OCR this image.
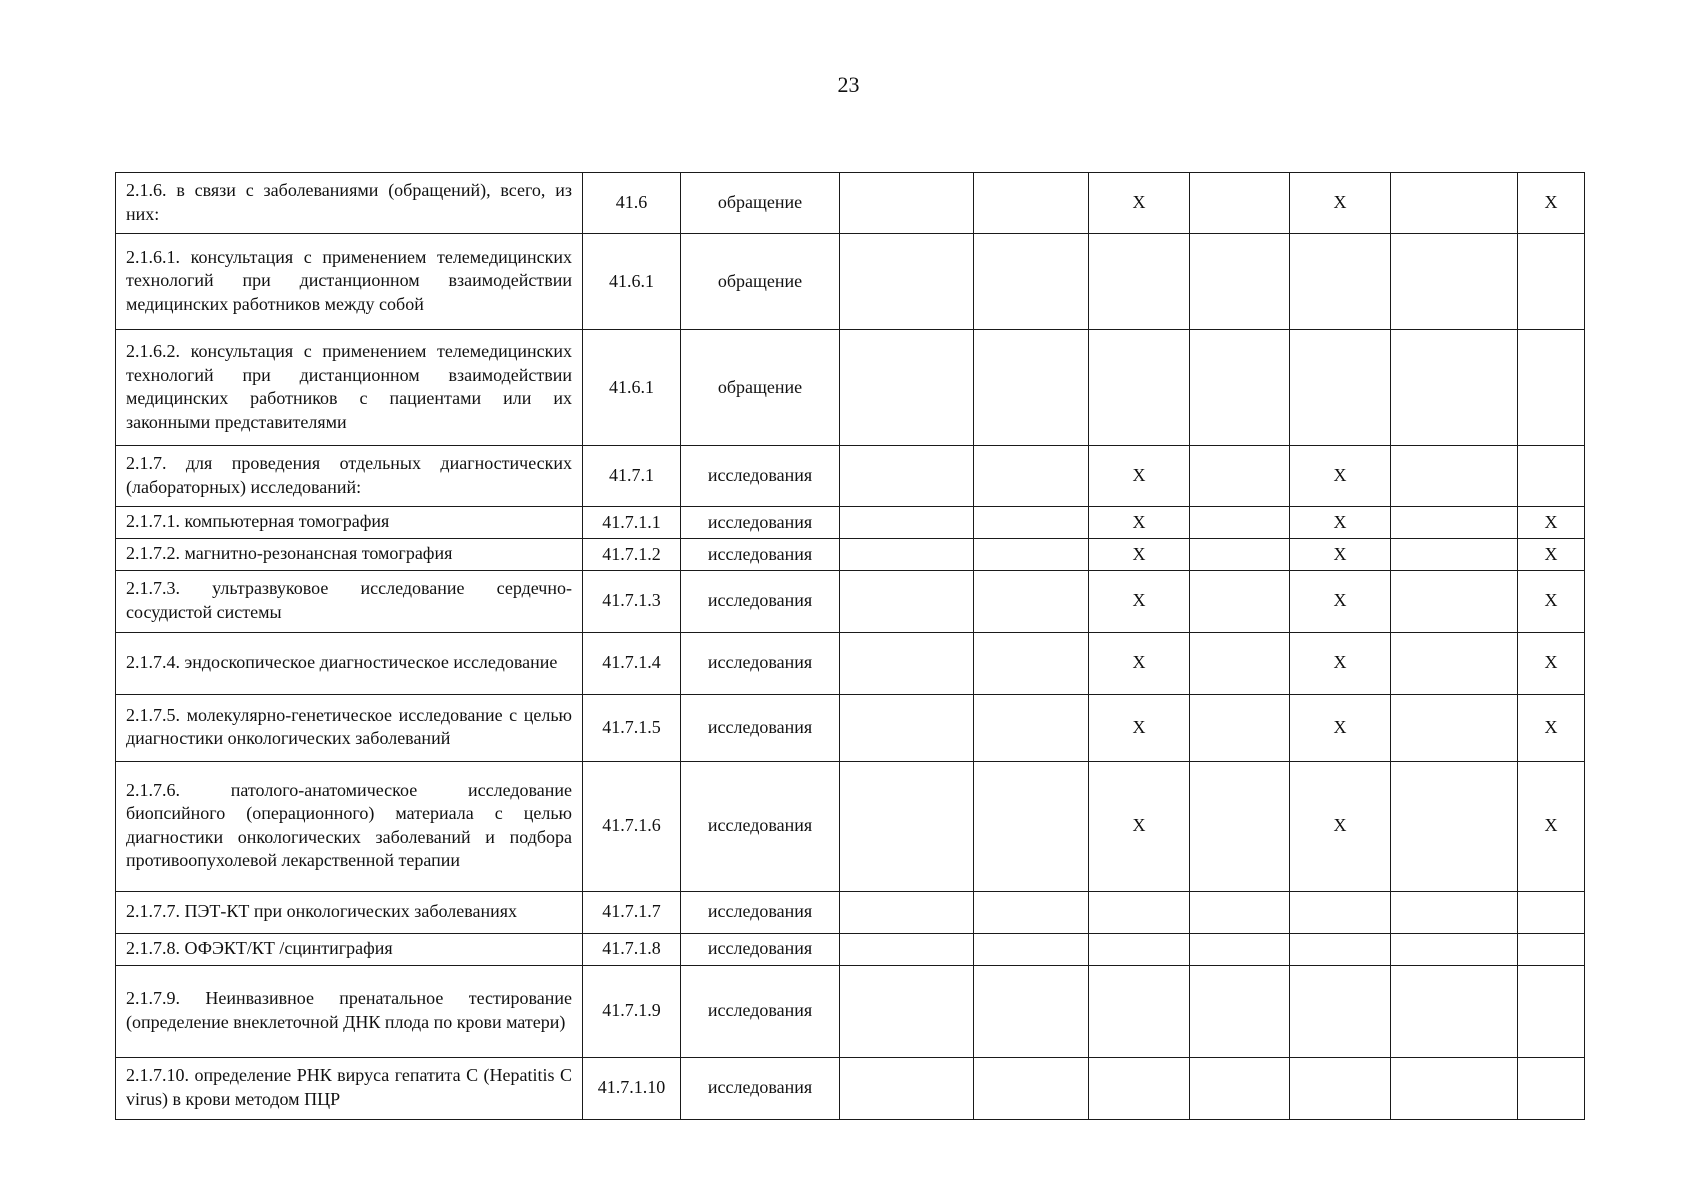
23
2.1.6. в связи с заболеваниями (обращений), всего, из них:	41.6	обращение			X		X		X
2.1.6.1. консультация с применением телемедицинских технологий при дистанционном взаимодействии медицинских работников между собой	41.6.1	обращение							
2.1.6.2. консультация с применением телемедицинских технологий при дистанционном взаимодействии медицинских работников с пациентами или их законными представителями	41.6.1	обращение							
2.1.7. для проведения отдельных диагностических (лабораторных) исследований:	41.7.1	исследования			X		X		
2.1.7.1. компьютерная томография	41.7.1.1	исследования			X		X		X
2.1.7.2. магнитно-резонансная томография	41.7.1.2	исследования			X		X		X
2.1.7.3. ультразвуковое исследование сердечно-сосудистой системы	41.7.1.3	исследования			X		X		X
2.1.7.4. эндоскопическое диагностическое исследование	41.7.1.4	исследования			X		X		X
2.1.7.5. молекулярно-генетическое исследование с целью диагностики онкологических заболеваний	41.7.1.5	исследования			X		X		X
2.1.7.6. патолого-анатомическое исследование биопсийного (операционного) материала с целью диагностики онкологических заболеваний и подбора противоопухолевой лекарственной терапии	41.7.1.6	исследования			X		X		X
2.1.7.7. ПЭТ-КТ при онкологических заболеваниях	41.7.1.7	исследования							
2.1.7.8. ОФЭКТ/КТ /сцинтиграфия	41.7.1.8	исследования							
2.1.7.9. Неинвазивное пренатальное тестирование (определение внеклеточной ДНК плода по крови матери)	41.7.1.9	исследования							
2.1.7.10. определение РНК вируса гепатита C (Hepatitis C virus) в крови методом ПЦР	41.7.1.10	исследования							
